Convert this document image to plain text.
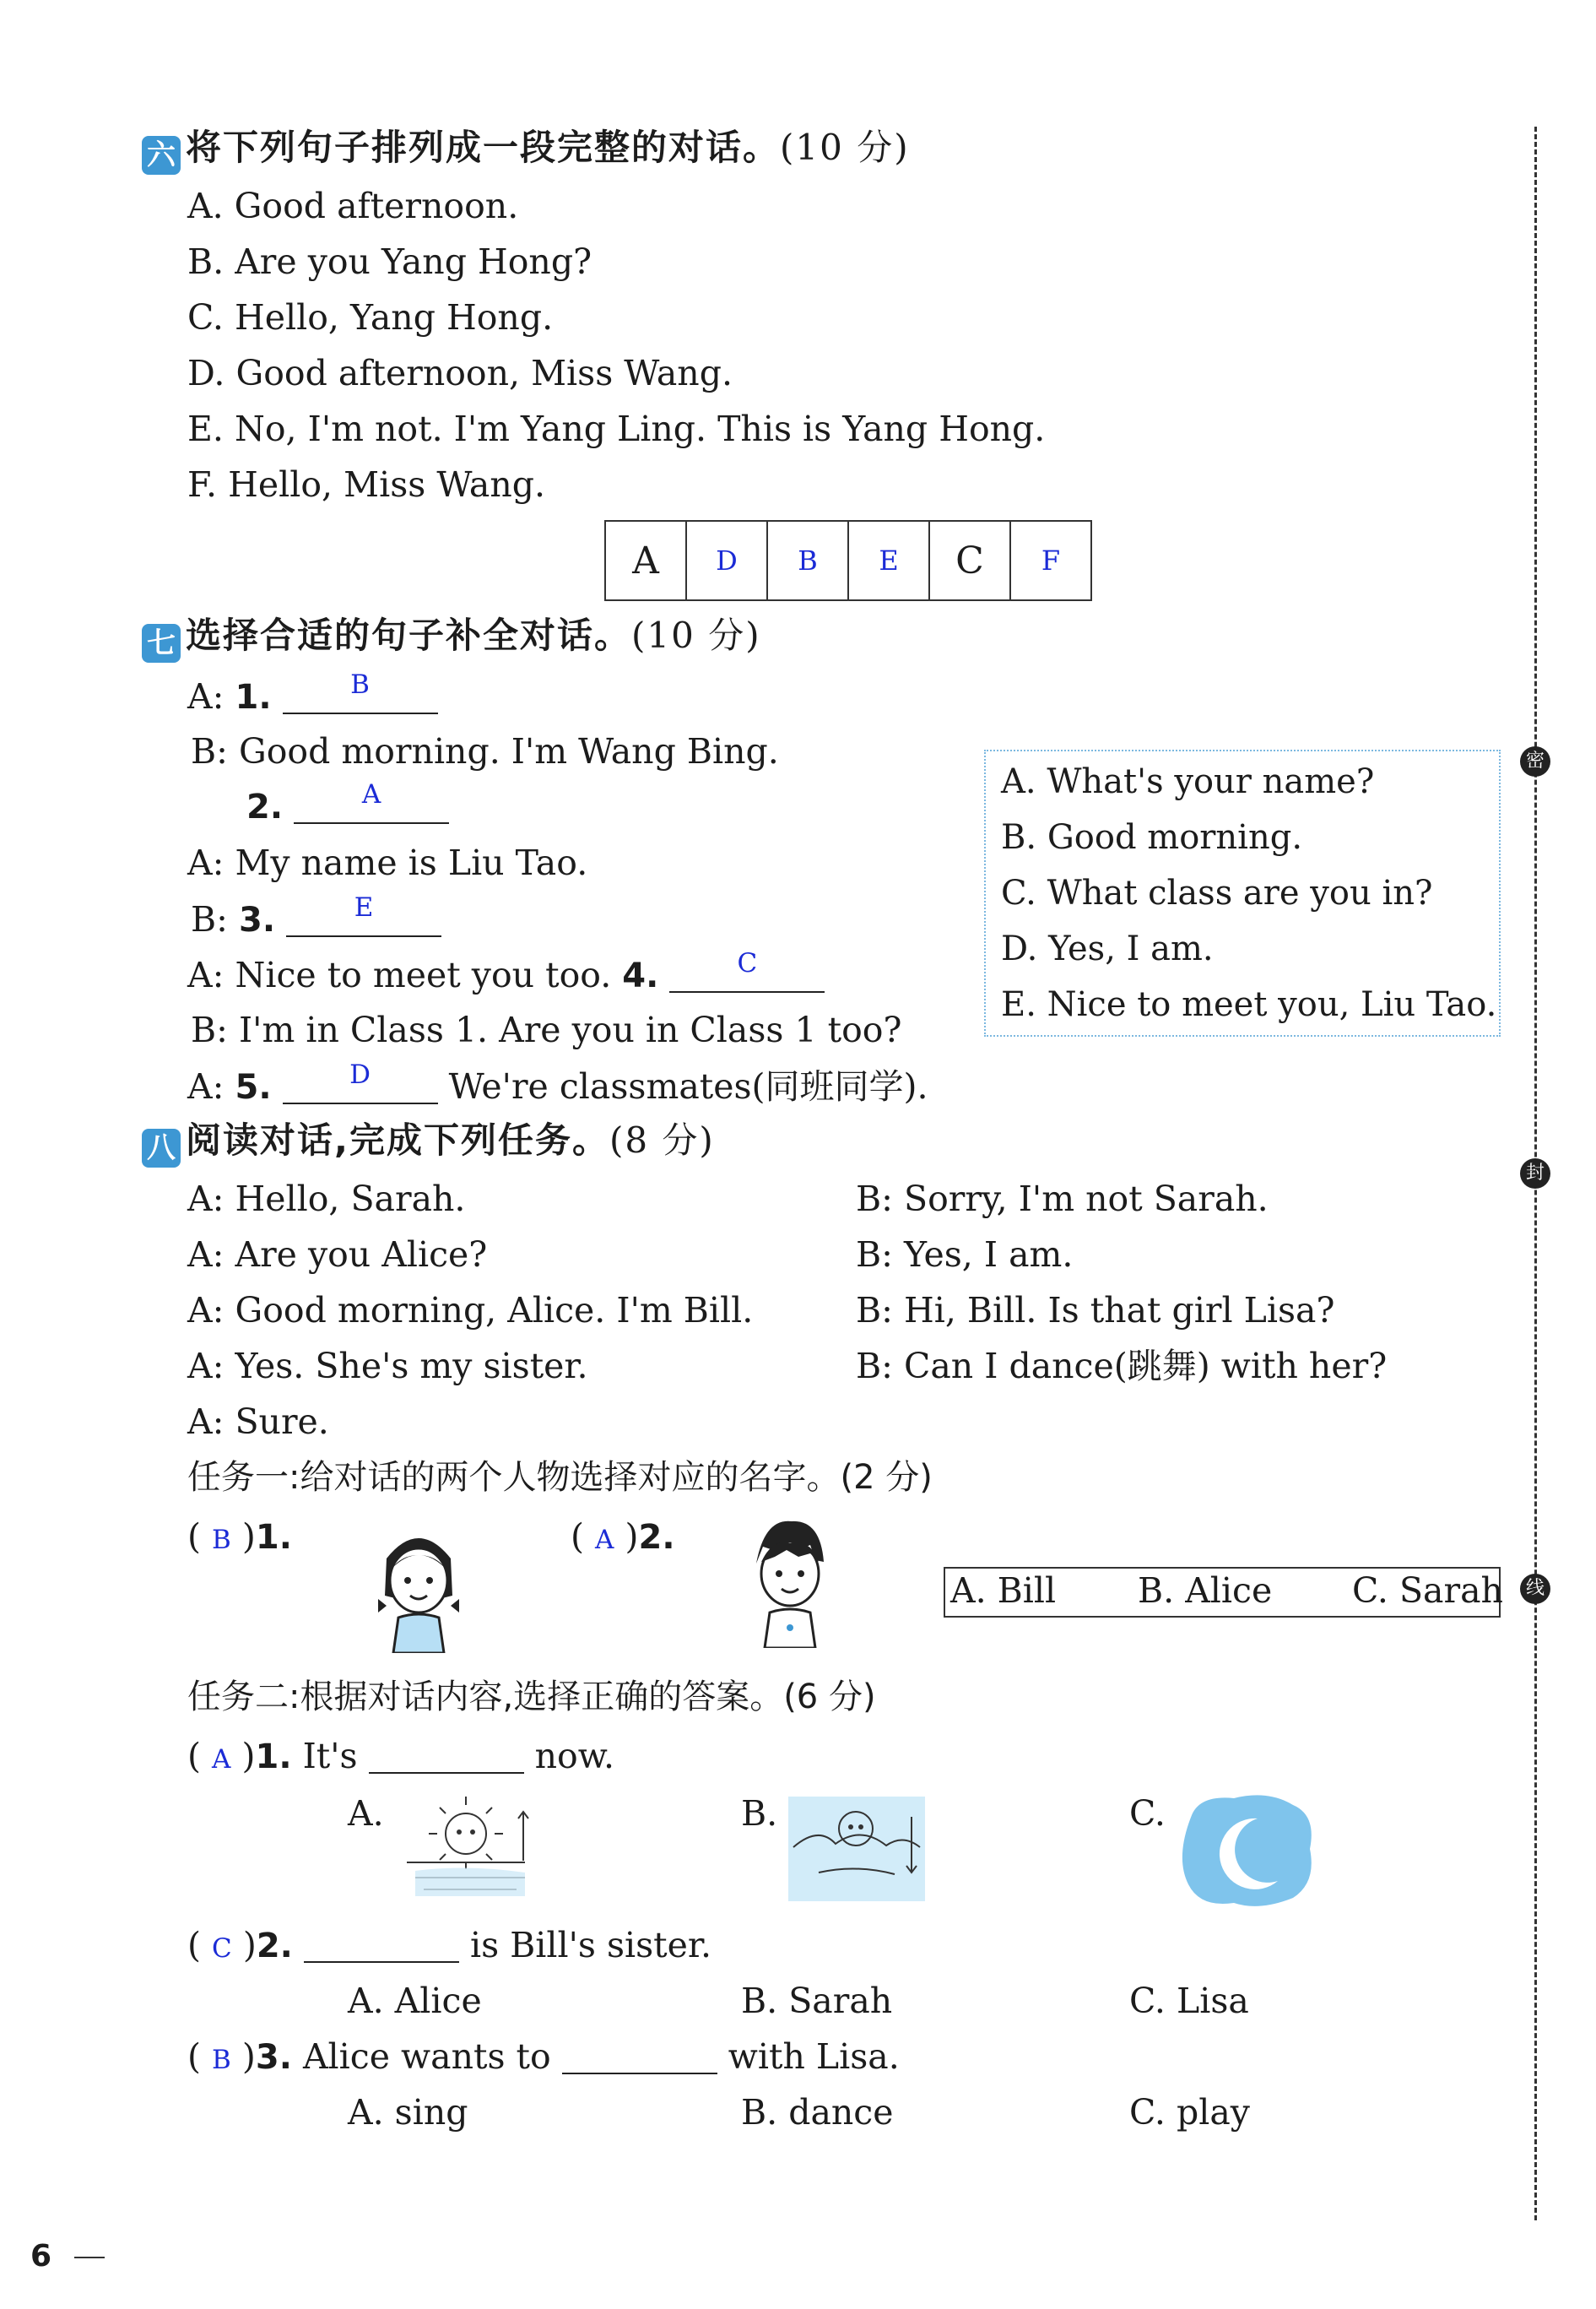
六 将下列句子排列成一段完整的对话。(10 分)
A. Good afternoon.
B. Are you Yang Hong?
C. Hello, Yang Hong.
D. Good afternoon, Miss Wang.
E. No, I'm not. I'm Yang Ling. This is Yang Hong.
F. Hello, Miss Wang.
A	D	B	E	C	F
七 选择合适的句子补全对话。(10 分)
A: 1.	B
B: Good morning. I'm Wang Bing.
2.	A
A: My name is Liu Tao.
B: 3.	E
A: Nice to meet you too. 4.	C
B: I'm in Class 1. Are you in Class 1 too?
A: 5.	D	We're classmates(同班同学).
A. What's your name?
B. Good morning.
C. What class are you in?
D. Yes, I am.
E. Nice to meet you, Liu Tao.
八 阅读对话,完成下列任务。(8 分)
A: Hello, Sarah.
A: Are you Alice?
A: Good morning, Alice. I'm Bill.
A: Yes. She's my sister.
A: Sure.
B: Sorry, I'm not Sarah.
B: Yes, I am.
B: Hi, Bill. Is that girl Lisa?
B: Can I dance(跳舞) with her?
任务一:给对话的两个人物选择对应的名字。(2 分)
( B )1.	( A )2.
A. Bill B. Alice C. Sarah
任务二:根据对话内容,选择正确的答案。(6 分)
( A )1. It's	now.
A.	B.	C.
( C )2.	is Bill's sister.
A. Alice	B. Sarah	C. Lisa
( B )3. Alice wants to	with Lisa.
A. sing	B. dance	C. play
密
封
线
6
